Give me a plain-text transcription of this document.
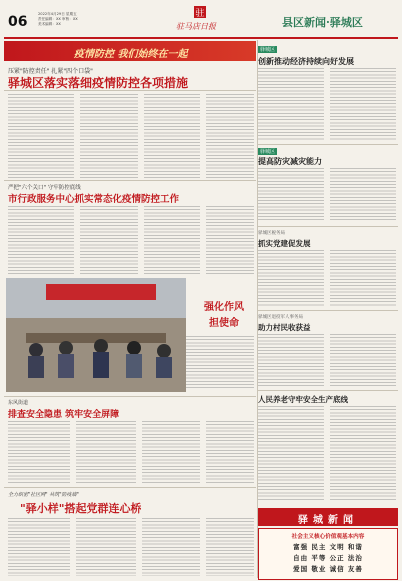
06	2022年4月29日 星期五
责任编辑：XX 审核：XX
美术编辑：XX
驻
驻马店日报	县区新闻·驿城区
疫情防控 我们始终在一起
压紧"防控责任" 扎紧"四个口袋"
驿城区落实落细疫情防控各项措施
严把"六个关口" 守牢防控底线
市行政服务中心抓实常态化疫情防控工作
强化作风
担使命
东风街道
排查安全隐患 筑牢安全屏障
全力织密"社区网" 共筑"防疫墙"
"驿小样"搭起党群连心桥
驿城区
创新推动经济持续向好发展
驿城区
提高防灾减灾能力
驿城区税务局
抓实党建促发展
驿城区退役军人事务局
助力村民收获益
人民养老守牢安全生产底线
驿城新闻
社会主义核心价值观基本内容
富强 民主 文明 和谐
自由 平等 公正 法治
爱国 敬业 诚信 友善
